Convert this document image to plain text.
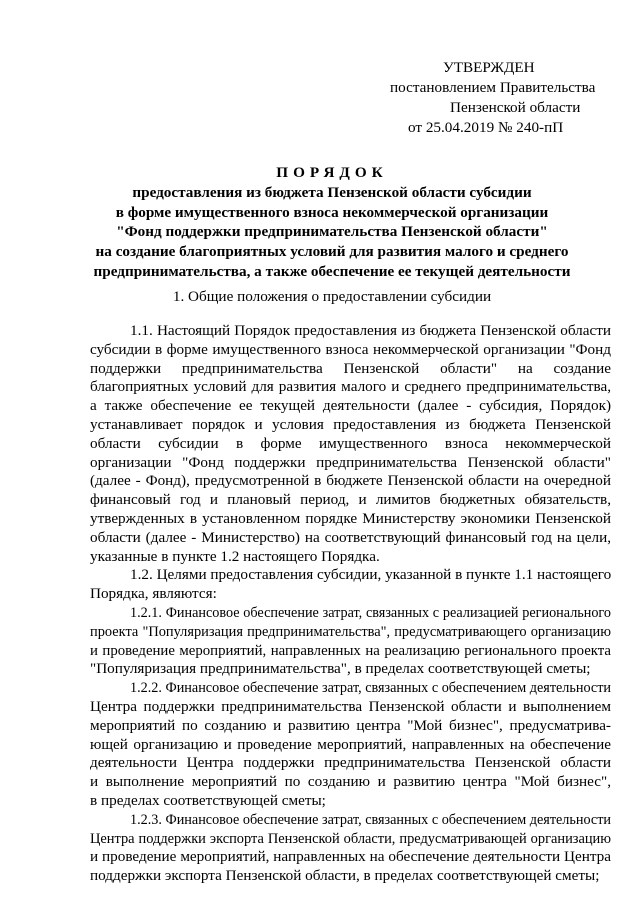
УТВЕРЖДЕН
постановлением Правительства
Пензенской области
от 25.04.2019 № 240-пП
ПОРЯДОК
предоставления из бюджета Пензенской области субсидии
в форме имущественного взноса некоммерческой организации
"Фонд поддержки предпринимательства Пензенской области"
на создание благоприятных условий для развития малого и среднего
предпринимательства, а также обеспечение ее текущей деятельности
1. Общие положения о предоставлении субсидии
1.1. Настоящий Порядок предоставления из бюджета Пензенской области
субсидии в форме имущественного взноса некоммерческой организации "Фонд
поддержки предпринимательства Пензенской области" на создание
благоприятных условий для развития малого и среднего предпринимательства,
а также обеспечение ее текущей деятельности (далее - субсидия, Порядок)
устанавливает порядок и условия предоставления из бюджета Пензенской
области субсидии в форме имущественного взноса некоммерческой
организации "Фонд поддержки предпринимательства Пензенской области"
(далее - Фонд), предусмотренной в бюджете Пензенской области на очередной
финансовый год и плановый период, и лимитов бюджетных обязательств,
утвержденных в установленном порядке Министерству экономики Пензенской
области (далее - Министерство) на соответствующий финансовый год на цели,
указанные в пункте 1.2 настоящего Порядка.
1.2. Целями предоставления субсидии, указанной в пункте 1.1 настоящего
Порядка, являются:
1.2.1. Финансовое обеспечение затрат, связанных с реализацией регионального
проекта "Популяризация предпринимательства", предусматривающего организацию
и проведение мероприятий, направленных на реализацию регионального проекта
"Популяризация предпринимательства", в пределах соответствующей сметы;
1.2.2. Финансовое обеспечение затрат, связанных с обеспечением деятельности
Центра поддержки предпринимательства Пензенской области и выполнением
мероприятий по созданию и развитию центра "Мой бизнес", предусматрива-
ющей организацию и проведение мероприятий, направленных на обеспечение
деятельности Центра поддержки предпринимательства Пензенской области
и выполнение мероприятий по созданию и развитию центра "Мой бизнес",
в пределах соответствующей сметы;
1.2.3. Финансовое обеспечение затрат, связанных с обеспечением деятельности
Центра поддержки экспорта Пензенской области, предусматривающей организацию
и проведение мероприятий, направленных на обеспечение деятельности Центра
поддержки экспорта Пензенской области, в пределах соответствующей сметы;
